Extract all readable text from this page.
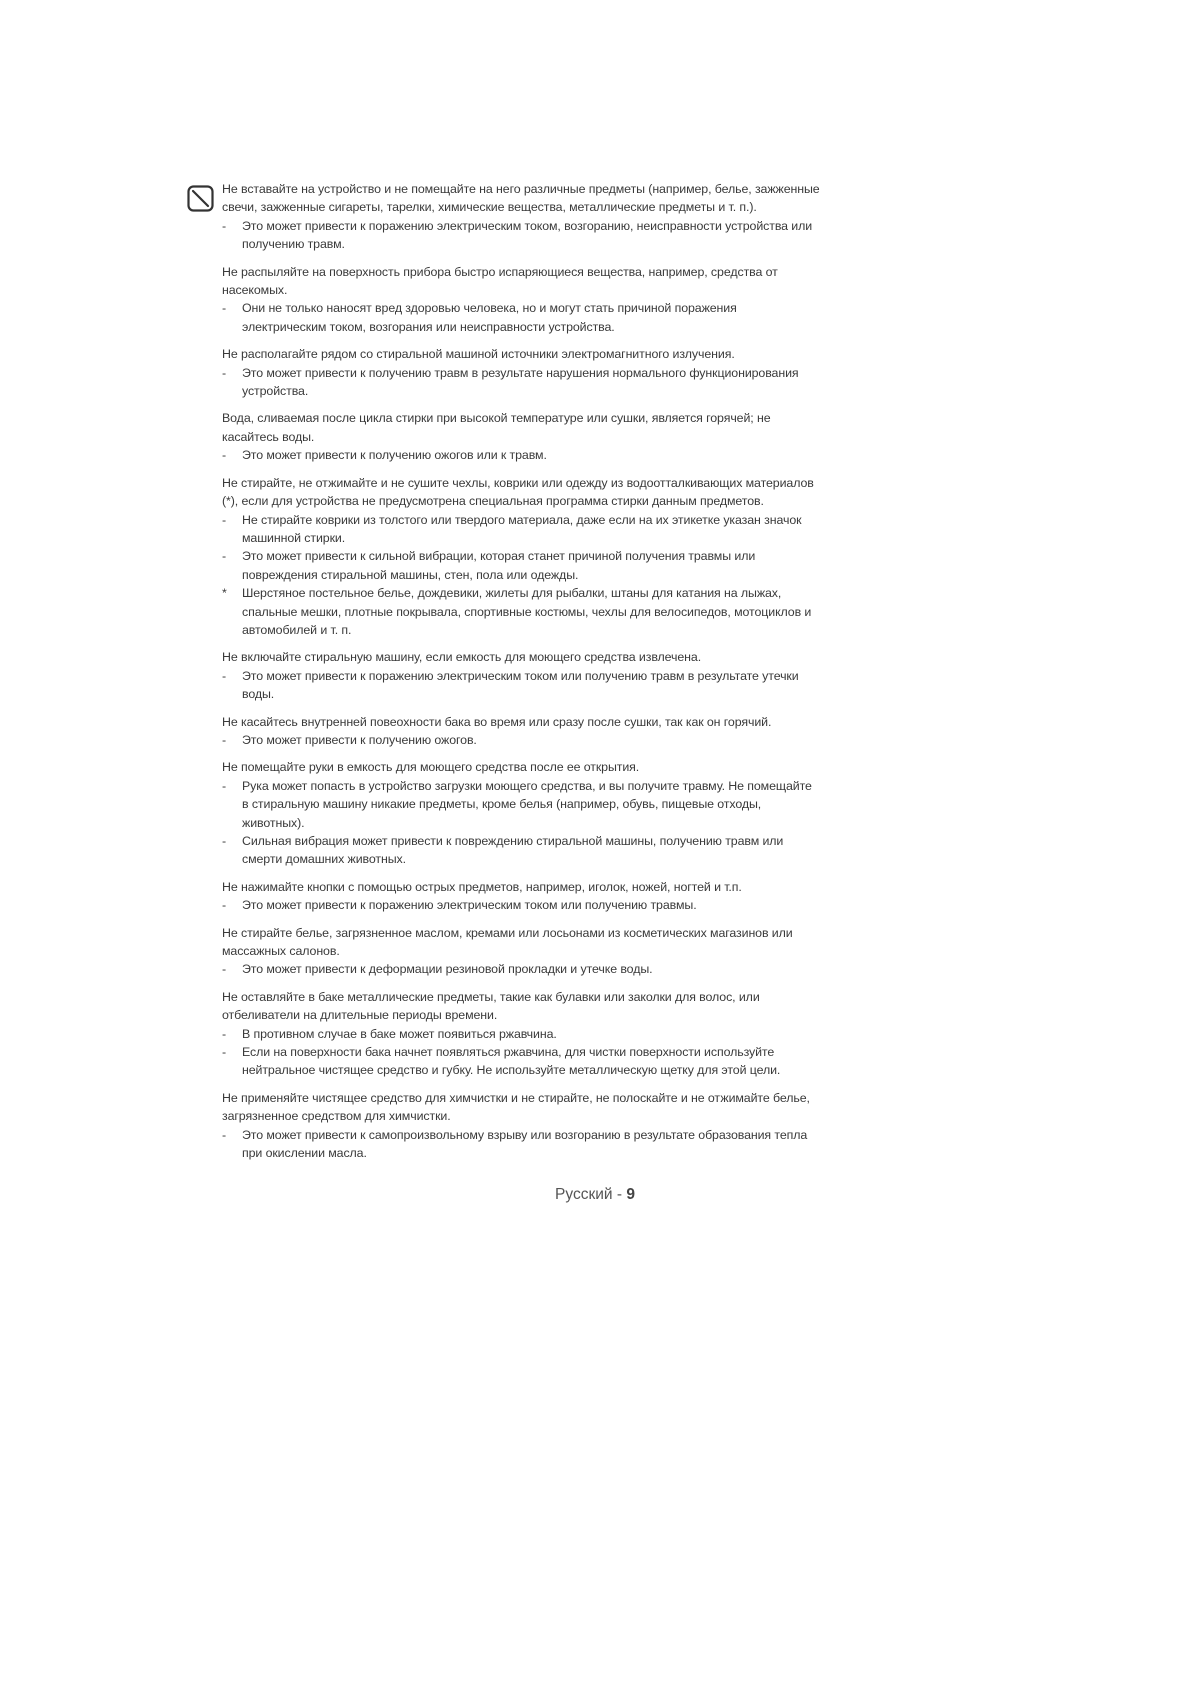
Не вставайте на устройство и не помещайте на него различные предметы (например, белье, зажженные свечи, зажженные сигареты, тарелки, химические вещества, металлические предметы и т. п.).

-	Это может привести к поражению электрическим током, возгоранию, неисправности устройства или получению травм.

Не распыляйте на поверхность прибора быстро испаряющиеся вещества, например, средства от насекомых.

-	Они не только наносят вред здоровью человека, но и могут стать причиной поражения электрическим током, возгорания или неисправности устройства.

Не располагайте рядом со стиральной машиной источники электромагнитного излучения.

-	Это может привести к получению травм в результате нарушения нормального функционирования устройства.

Вода, сливаемая после цикла стирки при высокой температуре или сушки, является горячей; не касайтесь воды.

-	Это может привести к получению ожогов или к травм.

Не стирайте, не отжимайте и не сушите чехлы, коврики или одежду из водоотталкивающих материалов (*), если для устройства не предусмотрена специальная программа стирки данным предметов.

-	Не стирайте коврики из толстого или твердого материала, даже если на их этикетке указан значок машинной стирки.
-	Это может привести к сильной вибрации, которая станет причиной получения травмы или повреждения стиральной машины, стен, пола или одежды.
*	Шерстяное постельное белье, дождевики, жилеты для рыбалки, штаны для катания на лыжах, спальные мешки, плотные покрывала, спортивные костюмы, чехлы для велосипедов, мотоциклов и автомобилей и т. п.

Не включайте стиральную машину, если емкость для моющего средства извлечена.

-	Это может привести к поражению электрическим током или получению травм в результате утечки воды.

Не касайтесь внутренней повеохности бака во время или сразу после сушки, так как он горячий.

-	Это может привести к получению ожогов.

Не помещайте руки в емкость для моющего средства после ее открытия.

-	Рука может попасть в устройство загрузки моющего средства, и вы получите травму. Не помещайте в стиральную машину никакие предметы, кроме белья (например, обувь, пищевые отходы, животных).
-	Сильная вибрация может привести к повреждению стиральной машины, получению травм или смерти домашних животных.

Не нажимайте кнопки с помощью острых предметов, например, иголок, ножей, ногтей и т.п.

-	Это может привести к поражению электрическим током или получению травмы.

Не стирайте белье, загрязненное маслом, кремами или лосьонами из косметических магазинов или массажных салонов.

-	Это может привести к деформации резиновой прокладки и утечке воды.

Не оставляйте в баке металлические предметы, такие как булавки или заколки для волос, или отбеливатели на длительные периоды времени.

-	В противном случае в баке может появиться ржавчина.
-	Если на поверхности бака начнет появляться ржавчина, для чистки поверхности используйте нейтральное чистящее средство и губку. Не используйте металлическую щетку для этой цели.

Не применяйте чистящее средство для химчистки и не стирайте, не полоскайте и не отжимайте белье, загрязненное средством для химчистки.

-	Это может привести к самопроизвольному взрыву или возгоранию в результате образования тепла при окислении масла.
Русский - 9
